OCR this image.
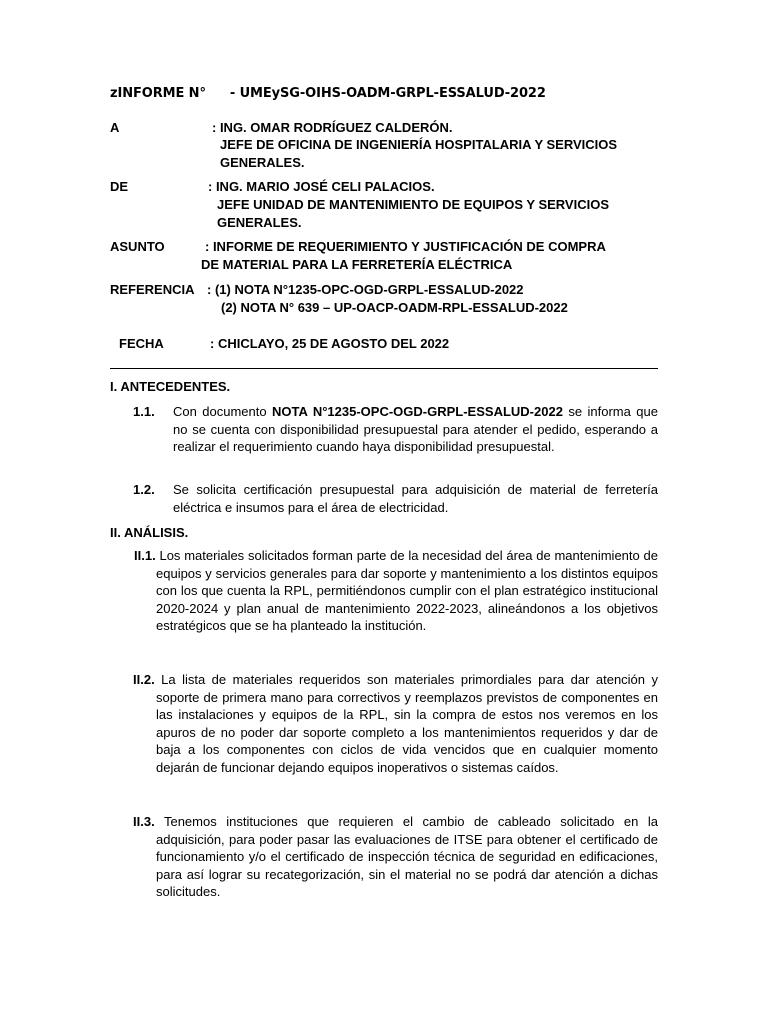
zINFORME N° - UMEySG-OIHS-OADM-GRPL-ESSALUD-2022
A	: ING. OMAR RODRÍGUEZ CALDERÓN.
JEFE DE OFICINA DE INGENIERÍA HOSPITALARIA Y SERVICIOS
GENERALES.
DE	: ING. MARIO JOSÉ CELI PALACIOS.
JEFE UNIDAD DE MANTENIMIENTO DE EQUIPOS Y SERVICIOS
GENERALES.
ASUNTO	: INFORME DE REQUERIMIENTO Y JUSTIFICACIÓN DE COMPRA
DE MATERIAL PARA LA FERRETERÍA ELÉCTRICA
REFERENCIA : (1) NOTA N°1235-OPC-OGD-GRPL-ESSALUD-2022
(2) NOTA N° 639 – UP-OACP-OADM-RPL-ESSALUD-2022
FECHA	: CHICLAYO, 25 DE AGOSTO DEL 2022
I. ANTECEDENTES.
1.1. Con documento NOTA N°1235-OPC-OGD-GRPL-ESSALUD-2022 se informa que no se cuenta con disponibilidad presupuestal para atender el pedido, esperando a realizar el requerimiento cuando haya disponibilidad presupuestal.
1.2. Se solicita certificación presupuestal para adquisición de material de ferretería eléctrica e insumos para el área de electricidad.
II. ANÁLISIS.
II.1. Los materiales solicitados forman parte de la necesidad del área de mantenimiento de equipos y servicios generales para dar soporte y mantenimiento a los distintos equipos con los que cuenta la RPL, permitiéndonos cumplir con el plan estratégico institucional 2020-2024 y plan anual de mantenimiento 2022-2023, alineándonos a los objetivos estratégicos que se ha planteado la institución.
II.2. La lista de materiales requeridos son materiales primordiales para dar atención y soporte de primera mano para correctivos y reemplazos previstos de componentes en las instalaciones y equipos de la RPL, sin la compra de estos nos veremos en los apuros de no poder dar soporte completo a los mantenimientos requeridos y dar de baja a los componentes con ciclos de vida vencidos que en cualquier momento dejarán de funcionar dejando equipos inoperativos o sistemas caídos.
II.3. Tenemos instituciones que requieren el cambio de cableado solicitado en la adquisición, para poder pasar las evaluaciones de ITSE para obtener el certificado de funcionamiento y/o el certificado de inspección técnica de seguridad en edificaciones, para así lograr su recategorización, sin el material no se podrá dar atención a dichas solicitudes.
